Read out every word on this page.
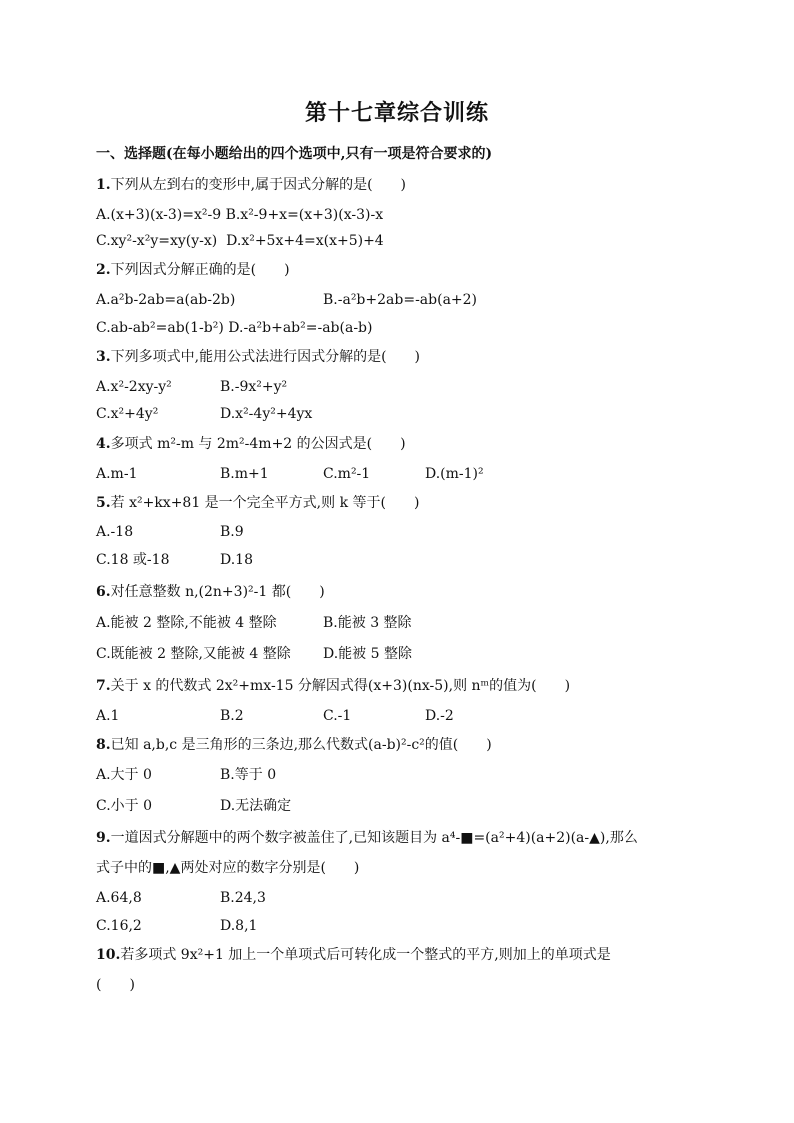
第十七章综合训练
一、选择题(在每小题给出的四个选项中,只有一项是符合要求的)
1.下列从左到右的变形中,属于因式分解的是(　　)
A.(x+3)(x-3)=x²-9 B.x²-9+x=(x+3)(x-3)-x
C.xy²-x²y=xy(y-x) D.x²+5x+4=x(x+5)+4
2.下列因式分解正确的是(　　)
A.a²b-2ab=a(ab-2b)	B.-a²b+2ab=-ab(a+2)
C.ab-ab²=ab(1-b²) D.-a²b+ab²=-ab(a-b)
3.下列多项式中,能用公式法进行因式分解的是(　　)
A.x²-2xy-y²	B.-9x²+y²
C.x²+4y²	D.x²-4y²+4yx
4.多项式 m²-m 与 2m²-4m+2 的公因式是(　　)
A.m-1	B.m+1	C.m²-1	D.(m-1)²
5.若 x²+kx+81 是一个完全平方式,则 k 等于(　　)
A.-18	B.9
C.18 或-18	D.18
6.对任意整数 n,(2n+3)²-1 都(　　)
A.能被 2 整除,不能被 4 整除	B.能被 3 整除
C.既能被 2 整除,又能被 4 整除 D.能被 5 整除
7.关于 x 的代数式 2x²+mx-15 分解因式得(x+3)(nx-5),则 nᵐ的值为(　　)
A.1	B.2	C.-1	D.-2
8.已知 a,b,c 是三角形的三条边,那么代数式(a-b)²-c²的值(　　)
A.大于 0	B.等于 0
C.小于 0	D.无法确定
9.一道因式分解题中的两个数字被盖住了,已知该题目为 a⁴-■=(a²+4)(a+2)(a-▲),那么
式子中的■,▲两处对应的数字分别是(　　)
A.64,8	B.24,3
C.16,2	D.8,1
10.若多项式 9x²+1 加上一个单项式后可转化成一个整式的平方,则加上的单项式是
(　　)
